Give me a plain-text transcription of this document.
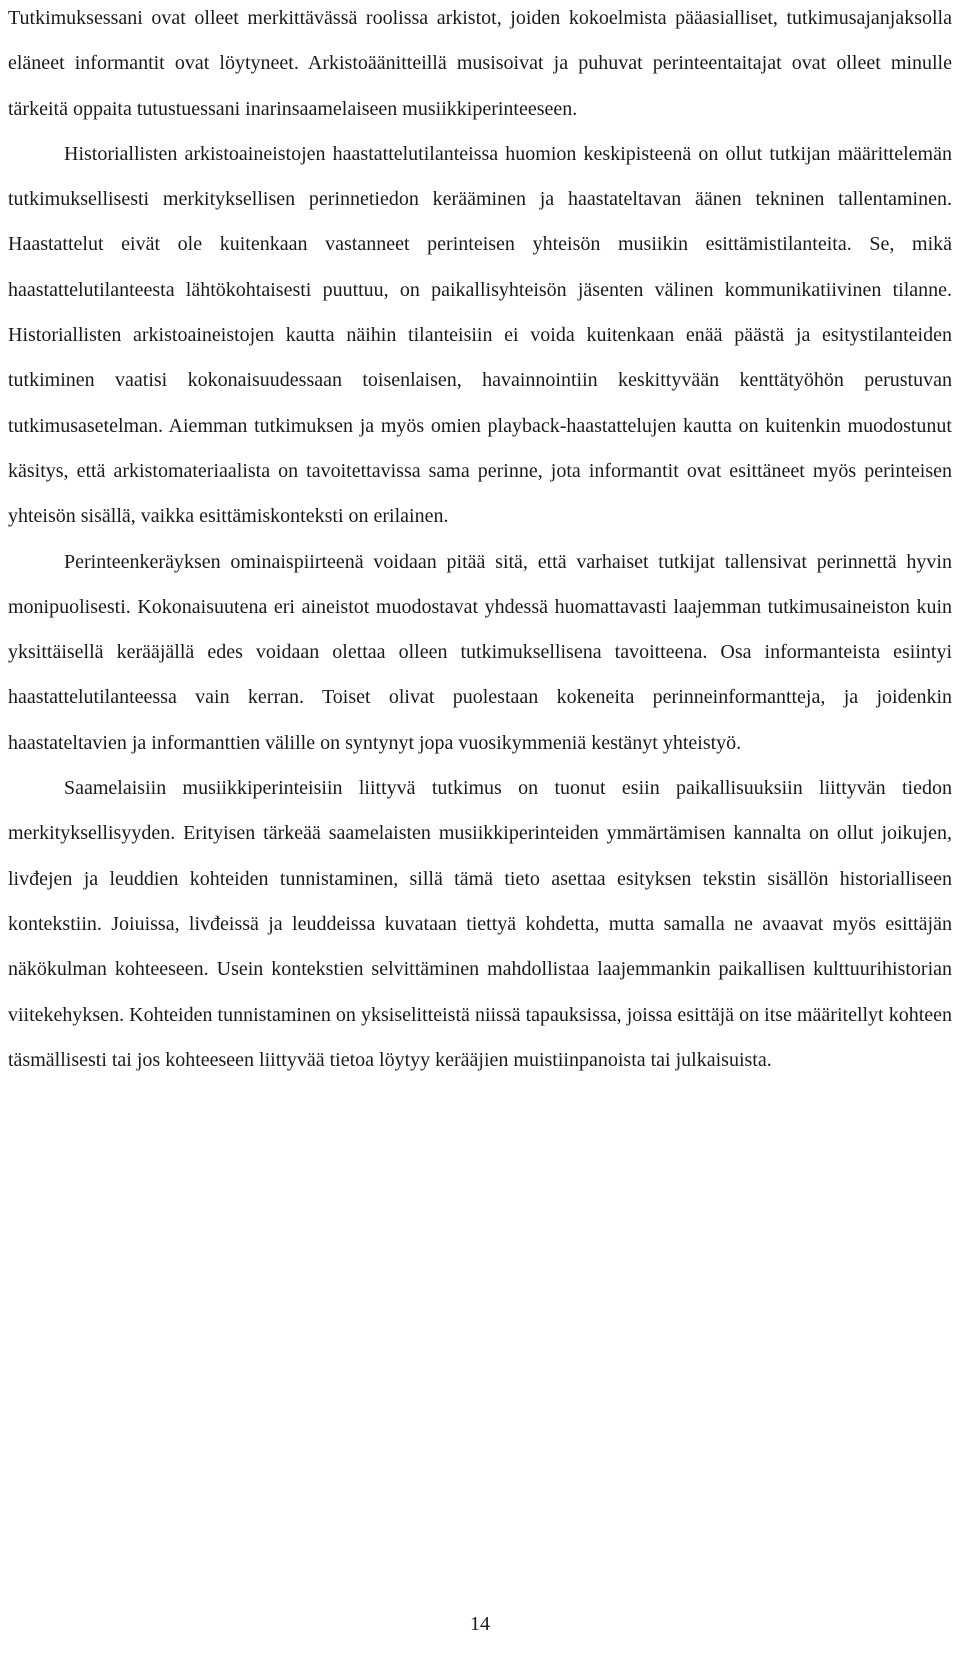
Tutkimuksessani ovat olleet merkittävässä roolissa arkistot, joiden kokoelmista pääasialliset, tutkimusajanjaksolla eläneet informantit ovat löytyneet. Arkistoäänitteillä musisoivat ja puhuvat perinteentaitajat ovat olleet minulle tärkeitä oppaita tutustuessani inarinsaamelaiseen musiikkiperinteeseen.

Historiallisten arkistoaineistojen haastattelutilanteissa huomion keskipisteenä on ollut tutkijan määrittelemän tutkimuksellisesti merkityksellisen perinnetiedon kerääminen ja haastateltavan äänen tekninen tallentaminen. Haastattelut eivät ole kuitenkaan vastanneet perinteisen yhteisön musiikin esittämistilanteita. Se, mikä haastattelutilanteesta lähtökohtaisesti puuttuu, on paikallisyhteisön jäsenten välinen kommunikatiivinen tilanne. Historiallisten arkistoaineistojen kautta näihin tilanteisiin ei voida kuitenkaan enää päästä ja esitystilanteiden tutkiminen vaatisi kokonaisuudessaan toisenlaisen, havainnointiin keskittyvään kenttätyöhön perustuvan tutkimusasetelman. Aiemman tutkimuksen ja myös omien playback-haastattelujen kautta on kuitenkin muodostunut käsitys, että arkistomateriaalista on tavoitettavissa sama perinne, jota informantit ovat esittäneet myös perinteisen yhteisön sisällä, vaikka esittämiskonteksti on erilainen.

Perinteenkeräyksen ominaispiirteenä voidaan pitää sitä, että varhaiset tutkijat tallensivat perinnettä hyvin monipuolisesti. Kokonaisuutena eri aineistot muodostavat yhdessä huomattavasti laajemman tutkimusaineiston kuin yksittäisellä kerääjällä edes voidaan olettaa olleen tutkimuksellisena tavoitteena. Osa informanteista esiintyi haastattelutilanteessa vain kerran. Toiset olivat puolestaan kokeneita perinneinformantteja, ja joidenkin haastateltavien ja informanttien välille on syntynyt jopa vuosikymmeniä kestänyt yhteistyö.

Saamelaisiin musiikkiperinteisiin liittyvä tutkimus on tuonut esiin paikallisuuksiin liittyvän tiedon merkityksellisyyden. Erityisen tärkeää saamelaisten musiikkiperinteiden ymmärtämisen kannalta on ollut joikujen, livđejen ja leuddien kohteiden tunnistaminen, sillä tämä tieto asettaa esityksen tekstin sisällön historialliseen kontekstiin. Joiuissa, livđeissä ja leuddeissa kuvataan tiettyä kohdetta, mutta samalla ne avaavat myös esittäjän näkökulman kohteeseen. Usein kontekstien selvittäminen mahdollistaa laajemmankin paikallisen kulttuurihistorian viitekehyksen. Kohteiden tunnistaminen on yksiselitteistä niissä tapauksissa, joissa esittäjä on itse määritellyt kohteen täsmällisesti tai jos kohteeseen liittyvää tietoa löytyy kerääjien muistiinpanoista tai julkaisuista.

14
